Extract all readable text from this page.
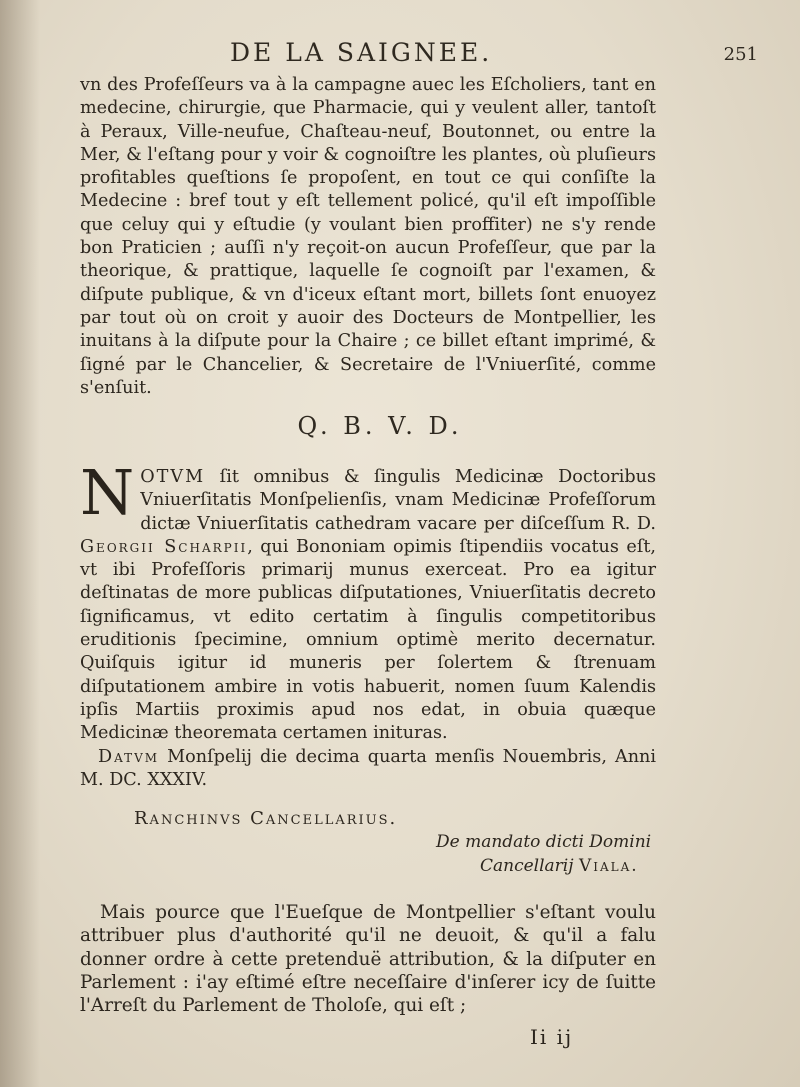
DE LA SAIGNEE.	251

vn des Profeſſeurs va à la campagne auec les Eſcholiers, tant en medecine, chirurgie, que Pharmacie, qui y veulent aller, tantoſt à Peraux, Ville-neufue, Chaſteau-neuf, Boutonnet, ou entre la Mer, & l'eſtang pour y voir & cognoiſtre les plantes, où pluſieurs profitables queſtions ſe propoſent, en tout ce qui conſiſte la Medecine : bref tout y eſt tellement policé, qu'il eſt impoſſible que celuy qui y eſtudie (y voulant bien proffiter) ne s'y rende bon Praticien ; auſſi n'y reçoit-on aucun Profeſſeur, que par la theorique, & prattique, laquelle ſe cognoiſt par l'examen, & diſpute publique, & vn d'iceux eſtant mort, billets ſont enuoyez par tout où on croit y auoir des Docteurs de Montpellier, les inuitans à la diſpute pour la Chaire ; ce billet eſtant imprimé, & ſigné par le Chancelier, & Secretaire de l'Vniuerſité, comme s'enſuit.

Q. B. V. D.

NOTVM ſit omnibus & ſingulis Medicinæ Doctoribus Vniuerſitatis Monſpelienſis, vnam Medicinæ Profeſſorum dictæ Vniuerſitatis cathedram vacare per diſceſſum R. D. Georgii Scharpii, qui Bononiam opimis ſtipendiis vocatus eſt, vt ibi Profeſſoris primarij munus exerceat. Pro ea igitur deſtinatas de more publicas diſputationes, Vniuerſitatis decreto ſignificamus, vt edito certatim à ſingulis competitoribus eruditionis ſpecimine, omnium optimè merito decernatur. Quiſquis igitur id muneris per ſolertem & ſtrenuam diſputationem ambire in votis habuerit, nomen ſuum Kalendis ipſis Martiis proximis apud nos edat, in obuia quæque Medicinæ theoremata certamen inituras.

Datvm Monſpelij die decima quarta menſis Nouembris, Anni M. DC. XXXIV.

Ranchinvs Cancellarius.
De mandato dicti Domini
Cancellarij Viala.

Mais pource que l'Eueſque de Montpellier s'eſtant voulu attribuer plus d'authorité qu'il ne deuoit, & qu'il a falu donner ordre à cette pretenduë attribution, & la diſputer en Parlement : i'ay eſtimé eſtre neceſſaire d'inſerer icy de ſuitte l'Arreſt du Parlement de Tholoſe, qui eſt ;

Ii ij
